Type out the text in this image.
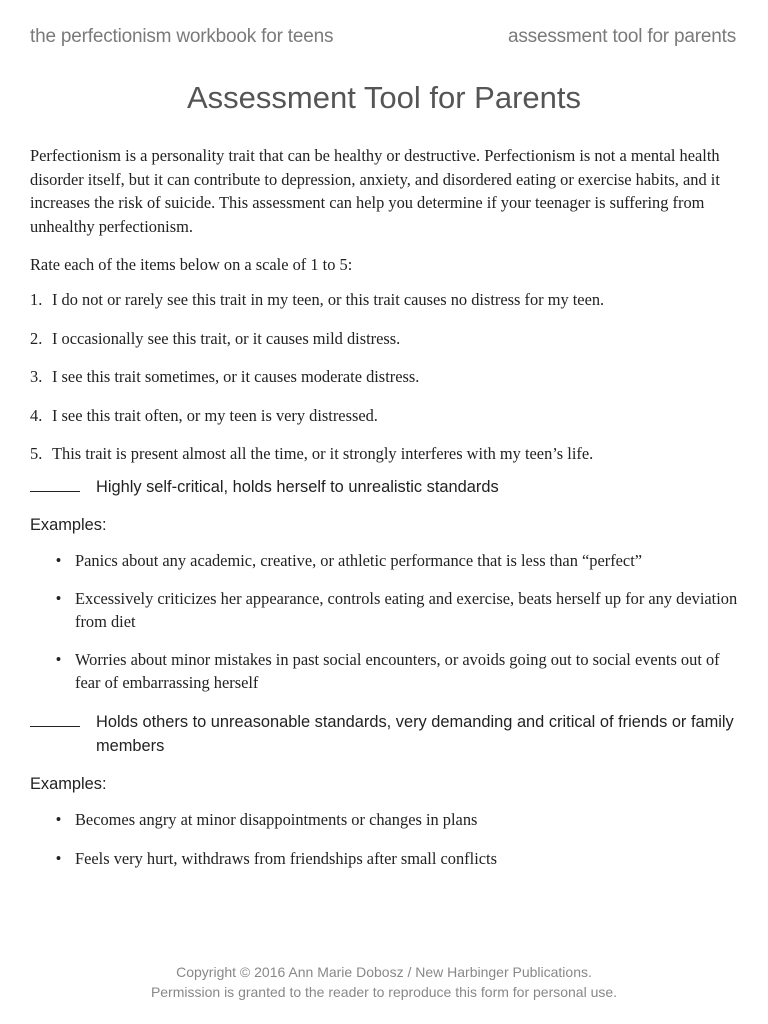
the perfectionism workbook for teens	assessment tool for parents
Assessment Tool for Parents

Perfectionism is a personality trait that can be healthy or destructive. Perfectionism is not a mental health disorder itself, but it can contribute to depression, anxiety, and disordered eating or exercise habits, and it increases the risk of suicide. This assessment can help you determine if your teenager is suffering from unhealthy perfectionism.

Rate each of the items below on a scale of 1 to 5:

1. I do not or rarely see this trait in my teen, or this trait causes no distress for my teen.
2. I occasionally see this trait, or it causes mild distress.
3. I see this trait sometimes, or it causes moderate distress.
4. I see this trait often, or my teen is very distressed.
5. This trait is present almost all the time, or it strongly interferes with my teen’s life.
Highly self-critical, holds herself to unrealistic standards

Examples:

•
Panics about any academic, creative, or athletic performance that is less than “perfect”
•
Excessively criticizes her appearance, controls eating and exercise, beats herself up for any deviation from diet
•
Worries about minor mistakes in past social encounters, or avoids going out to social events out of fear of embarrassing herself
Holds others to unreasonable standards, very demanding and critical of friends or family members

Examples:

•
Becomes angry at minor disappointments or changes in plans
•
Feels very hurt, withdraws from friendships after small conflicts
Copyright © 2016 Ann Marie Dobosz / New Harbinger Publications.
Permission is granted to the reader to reproduce this form for personal use.
